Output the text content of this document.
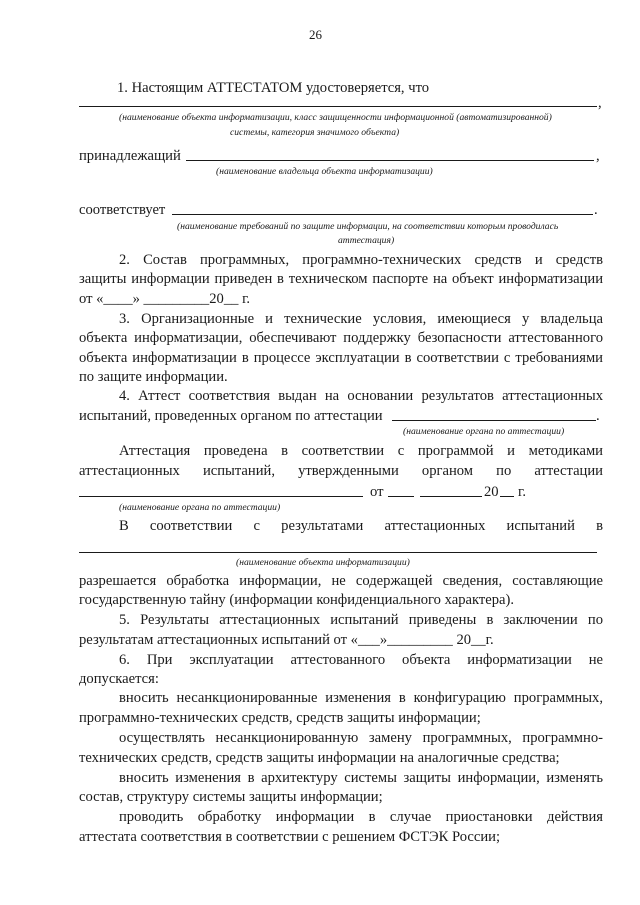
26
1. Настоящим АТТЕСТАТОМ удостоверяется, что
,
(наименование объекта информатизации, класс защищенности информационной (автоматизированной)
системы, категория значимого объекта)
принадлежащий	,
(наименование владельца объекта информатизации)
соответствует	.
(наименование требований по защите информации, на соответствии которым проводилась
аттестация)
2. Состав программных, программно-технических средств и средств
защиты информации приведен в техническом паспорте на объект информатизации
от «____» _________20__ г.
3. Организационные и технические условия, имеющиеся у владельца
объекта информатизации, обеспечивают поддержку безопасности аттестованного
объекта информатизации в процессе эксплуатации в соответствии с требованиями
по защите информации.
4. Аттест соответствия выдан на основании результатов аттестационных
испытаний, проведенных органом по аттестации	.
(наименование органа по аттестации)
Аттестация проведена в соответствии с программой и методиками
аттестационных испытаний, утвержденными органом по аттестации
от	20 г.
(наименование органа по аттестации)
В соответствии с результатами аттестационных испытаний в
(наименование объекта информатизации)
разрешается обработка информации, не содержащей сведения, составляющие
государственную тайну (информации конфиденциального характера).
5. Результаты аттестационных испытаний приведены в заключении по
результатам аттестационных испытаний от «___»_________ 20__г.
6. При эксплуатации аттестованного объекта информатизации не
допускается:
вносить несанкционированные изменения в конфигурацию программных,
программно-технических средств, средств защиты информации;
осуществлять несанкционированную замену программных, программно-
технических средств, средств защиты информации на аналогичные средства;
вносить изменения в архитектуру системы защиты информации, изменять
состав, структуру системы защиты информации;
проводить обработку информации в случае приостановки действия
аттестата соответствия в соответствии с решением ФСТЭК России;
